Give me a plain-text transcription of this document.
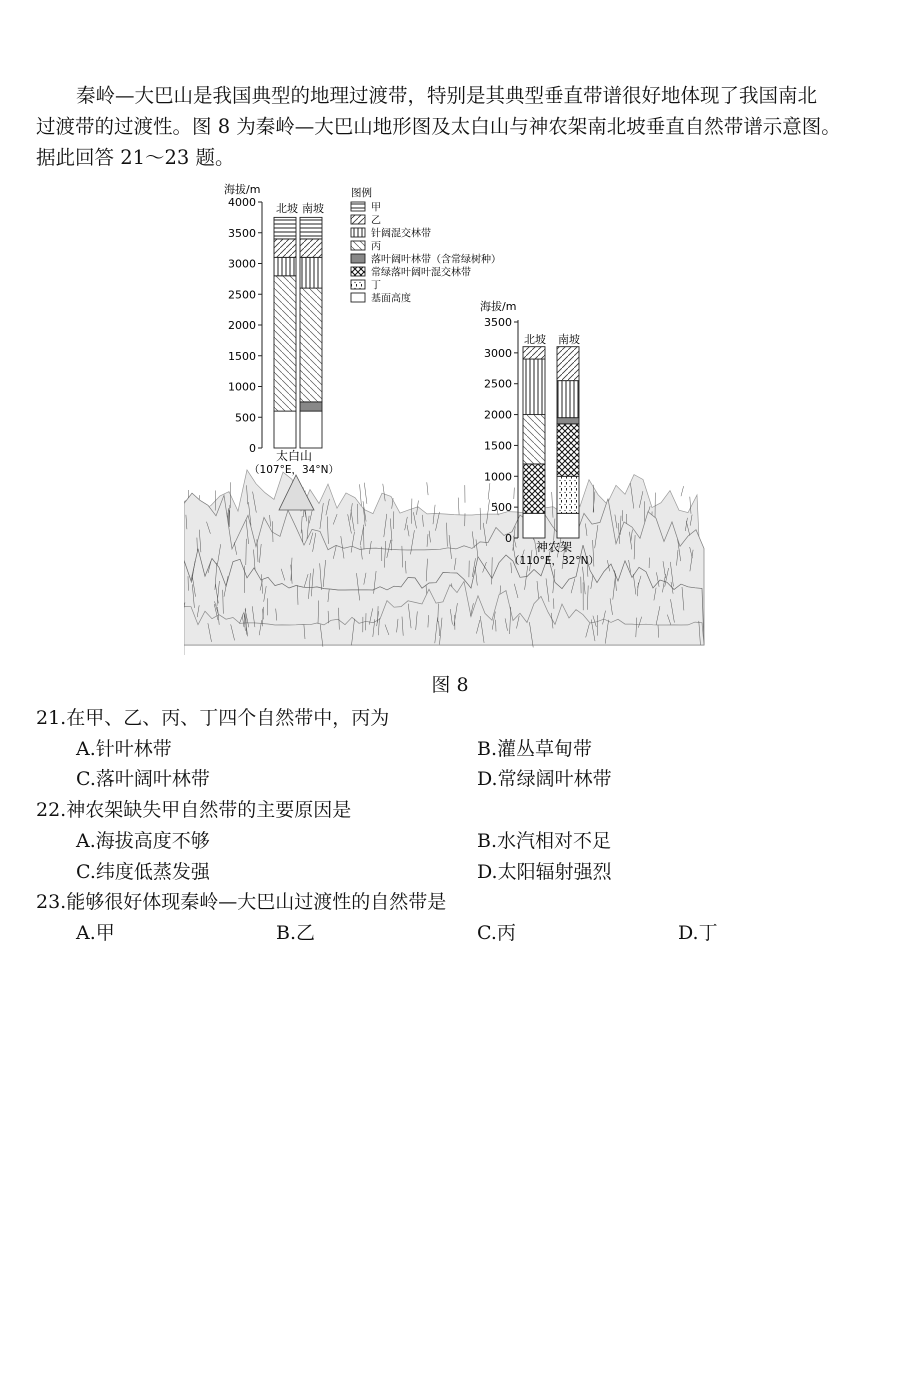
秦岭—大巴山是我国典型的地理过渡带，特别是其典型垂直带谱很好地体现了我国南北
过渡带的过渡性。图 8 为秦岭—大巴山地形图及太白山与神农架南北坡垂直自然带谱示意图。
据此回答 21～23 题。
海拔/m
0
500
1000
1500
2000
2500
3000
3500
4000 北坡 南坡
太白山
（107°E，34°N）
图例
甲
乙
针阔混交林带
丙
落叶阔叶林带（含常绿树种）
常绿落叶阔叶混交林带
丁
基面高度
海拔/m
0
500
1000
1500
2000
2500
3000
3500
北坡 南坡
神农架
（110°E，32°N）
图 8
21.在甲、乙、丙、丁四个自然带中，丙为
A.针叶林带	B.灌丛草甸带
C.落叶阔叶林带	D.常绿阔叶林带
22.神农架缺失甲自然带的主要原因是
A.海拔高度不够	B.水汽相对不足
C.纬度低蒸发强	D.太阳辐射强烈
23.能够很好体现秦岭—大巴山过渡性的自然带是
A.甲	B.乙	C.丙	D.丁
